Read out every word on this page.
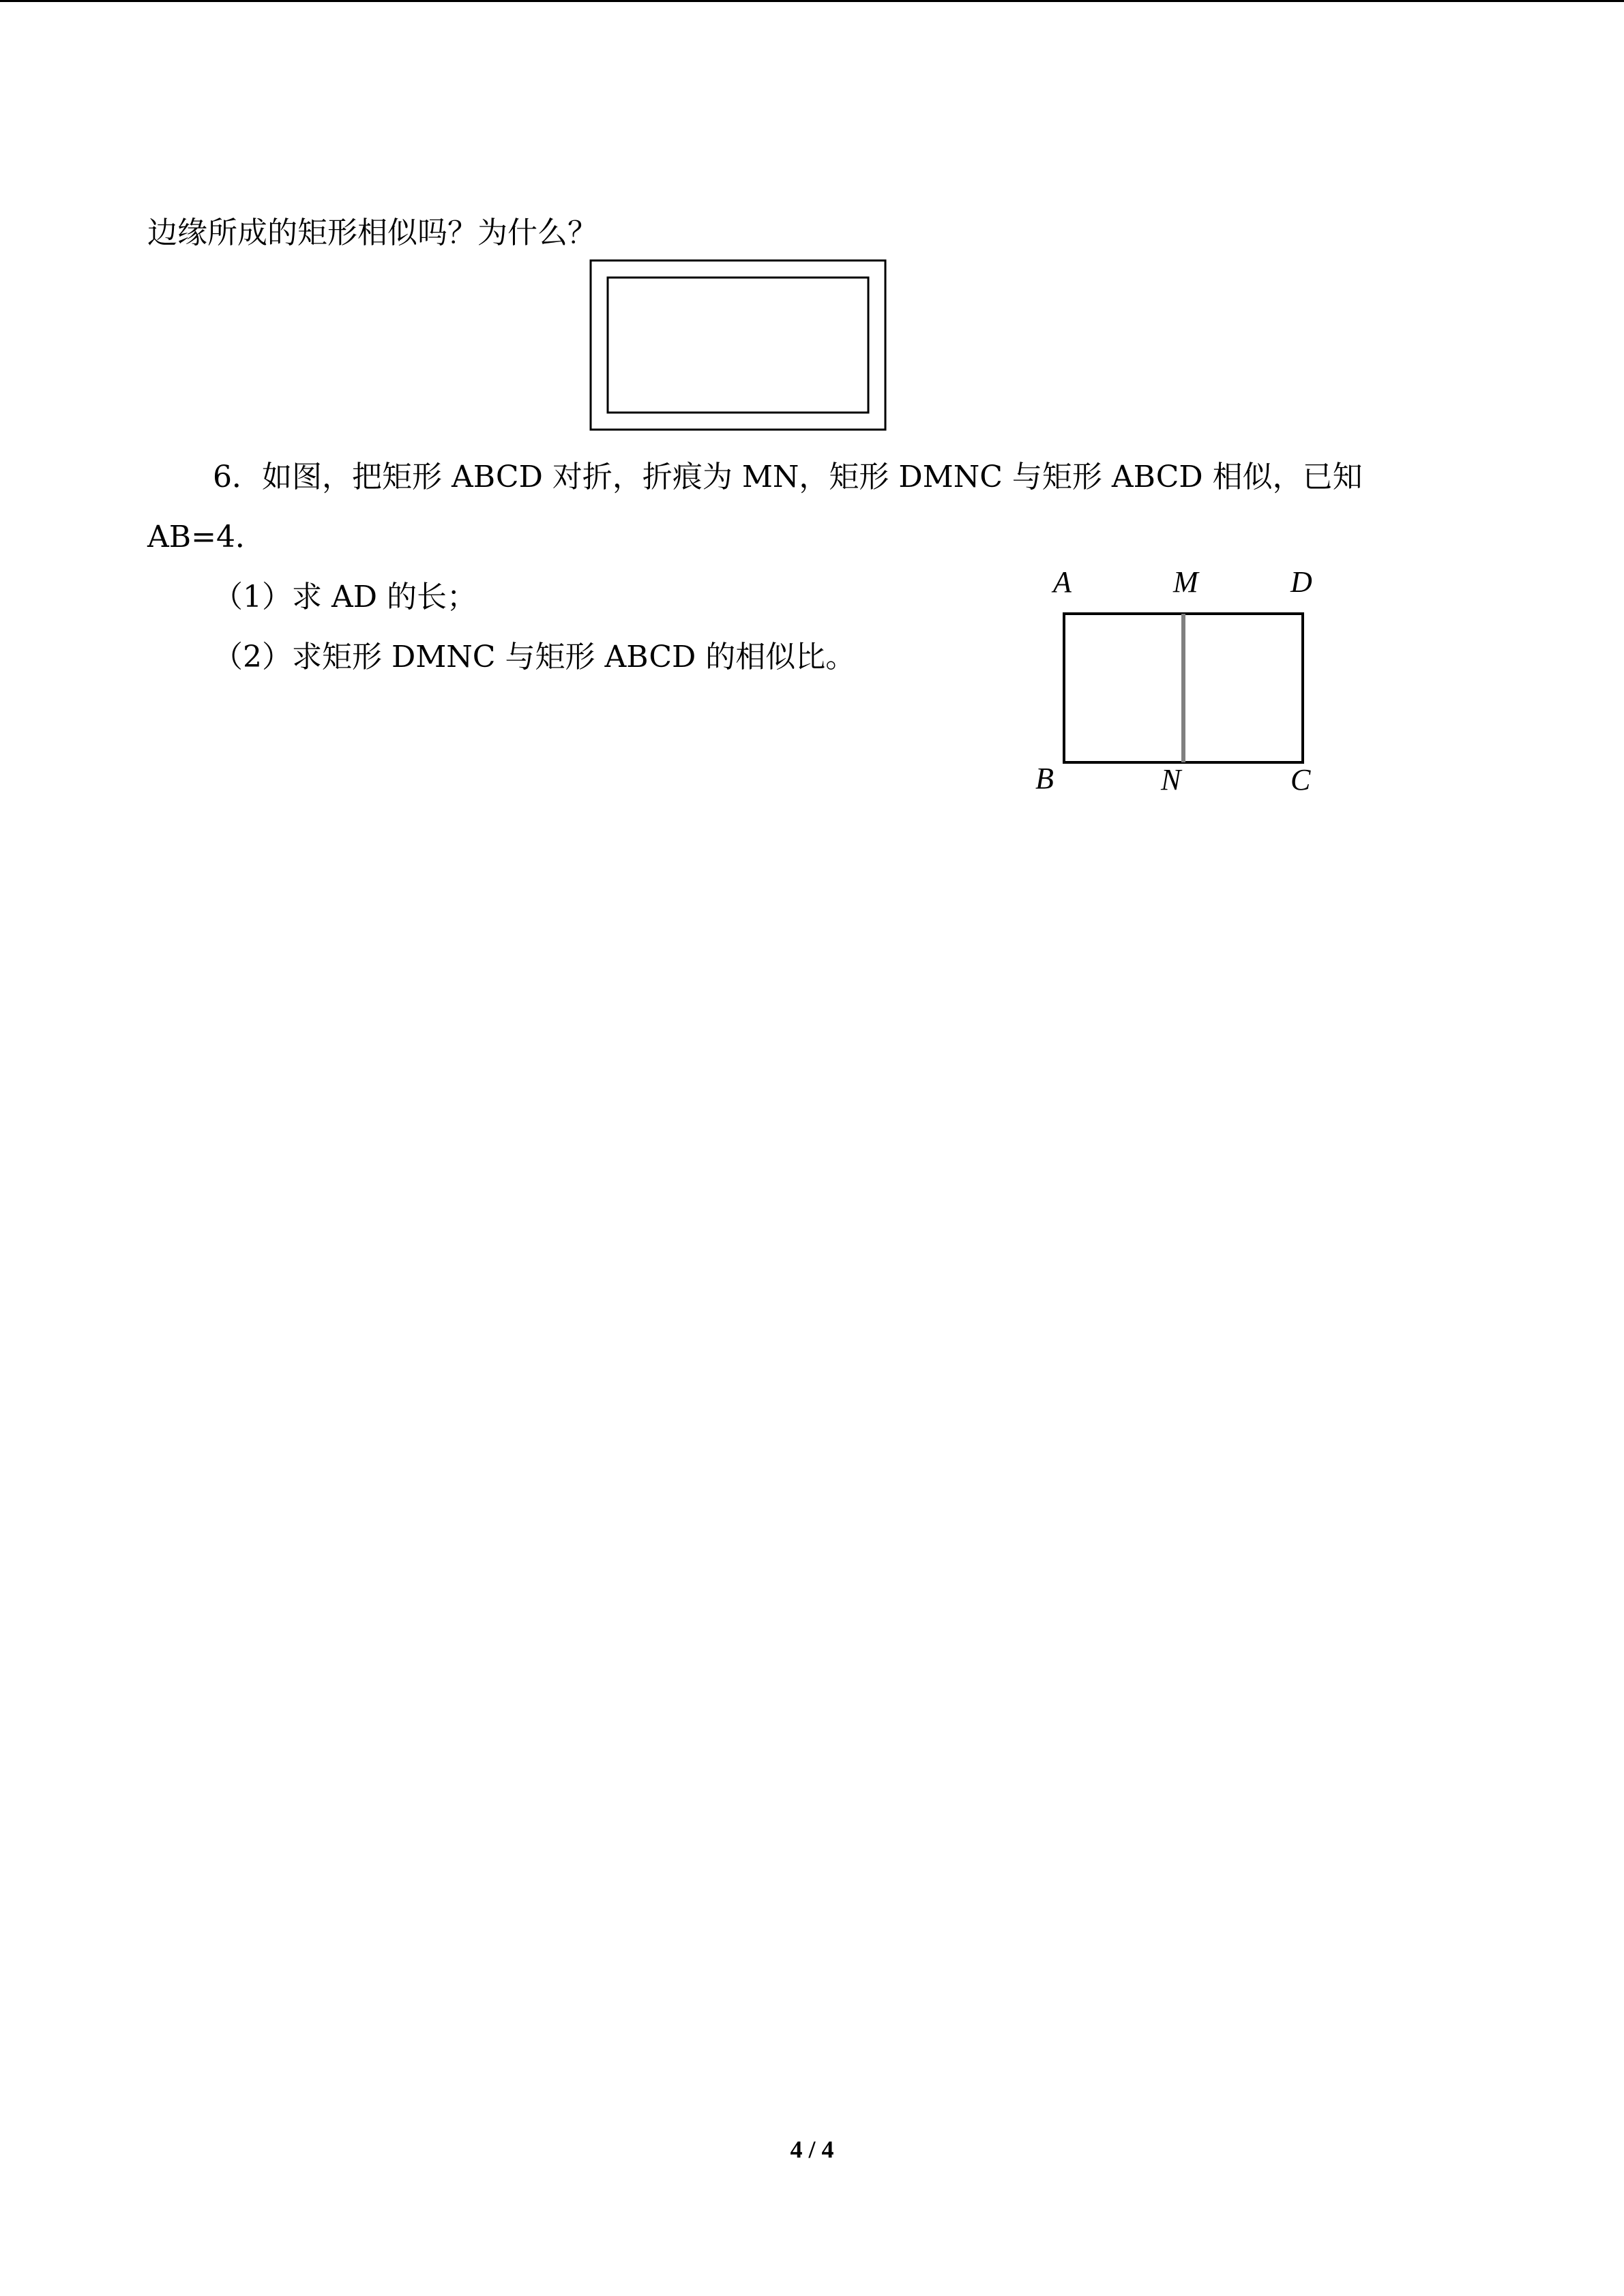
边缘所成的矩形相似吗？为什么？
6．如图，把矩形 ABCD 对折，折痕为 MN，矩形 DMNC 与矩形 ABCD 相似，已知
AB=4．
（1）求 AD 的长；
（2）求矩形 DMNC 与矩形 ABCD 的相似比。
A	M	D
B	N	C
4 / 4
